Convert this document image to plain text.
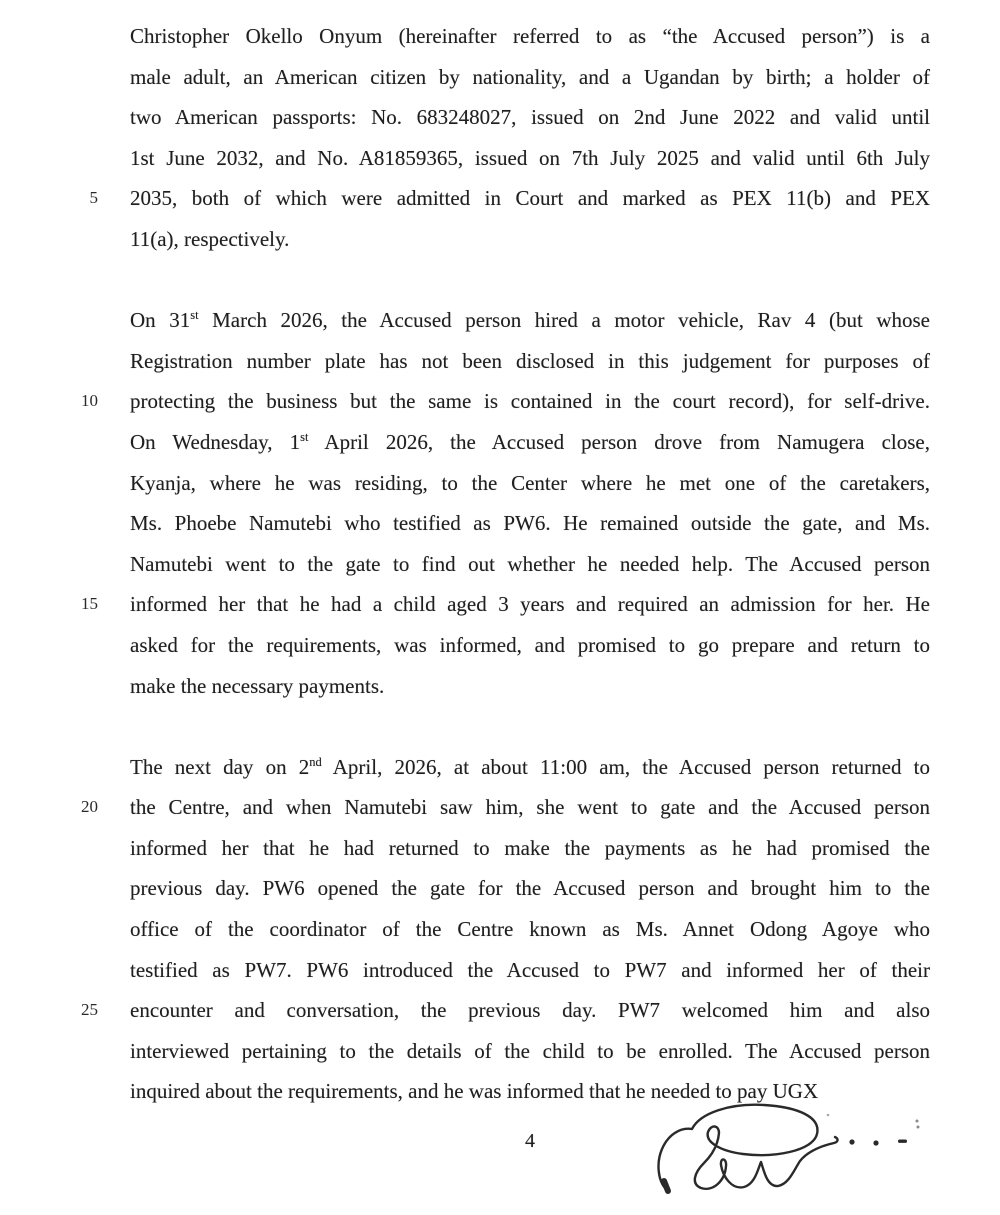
Christopher Okello Onyum (hereinafter referred to as “the Accused person”) is a
male adult, an American citizen by nationality, and a Ugandan by birth; a holder of
two American passports: No. 683248027, issued on 2nd June 2022 and valid until
1st June 2032, and No. A81859365, issued on 7th July 2025 and valid until 6th July
5	2035, both of which were admitted in Court and marked as PEX 11(b) and PEX
11(a), respectively.
On 31st March 2026, the Accused person hired a motor vehicle, Rav 4 (but whose
Registration number plate has not been disclosed in this judgement for purposes of
10	protecting the business but the same is contained in the court record), for self-drive.
On Wednesday, 1st April 2026, the Accused person drove from Namugera close,
Kyanja, where he was residing, to the Center where he met one of the caretakers,
Ms. Phoebe Namutebi who testified as PW6. He remained outside the gate, and Ms.
Namutebi went to the gate to find out whether he needed help. The Accused person
15	informed her that he had a child aged 3 years and required an admission for her. He
asked for the requirements, was informed, and promised to go prepare and return to
make the necessary payments.
The next day on 2nd April, 2026, at about 11:00 am, the Accused person returned to
20	the Centre, and when Namutebi saw him, she went to gate and the Accused person
informed her that he had returned to make the payments as he had promised the
previous day. PW6 opened the gate for the Accused person and brought him to the
office of the coordinator of the Centre known as Ms. Annet Odong Agoye who
testified as PW7. PW6 introduced the Accused to PW7 and informed her of their
25	encounter and conversation, the previous day. PW7 welcomed him and also
interviewed pertaining to the details of the child to be enrolled. The Accused person
inquired about the requirements, and he was informed that he needed to pay UGX
4
